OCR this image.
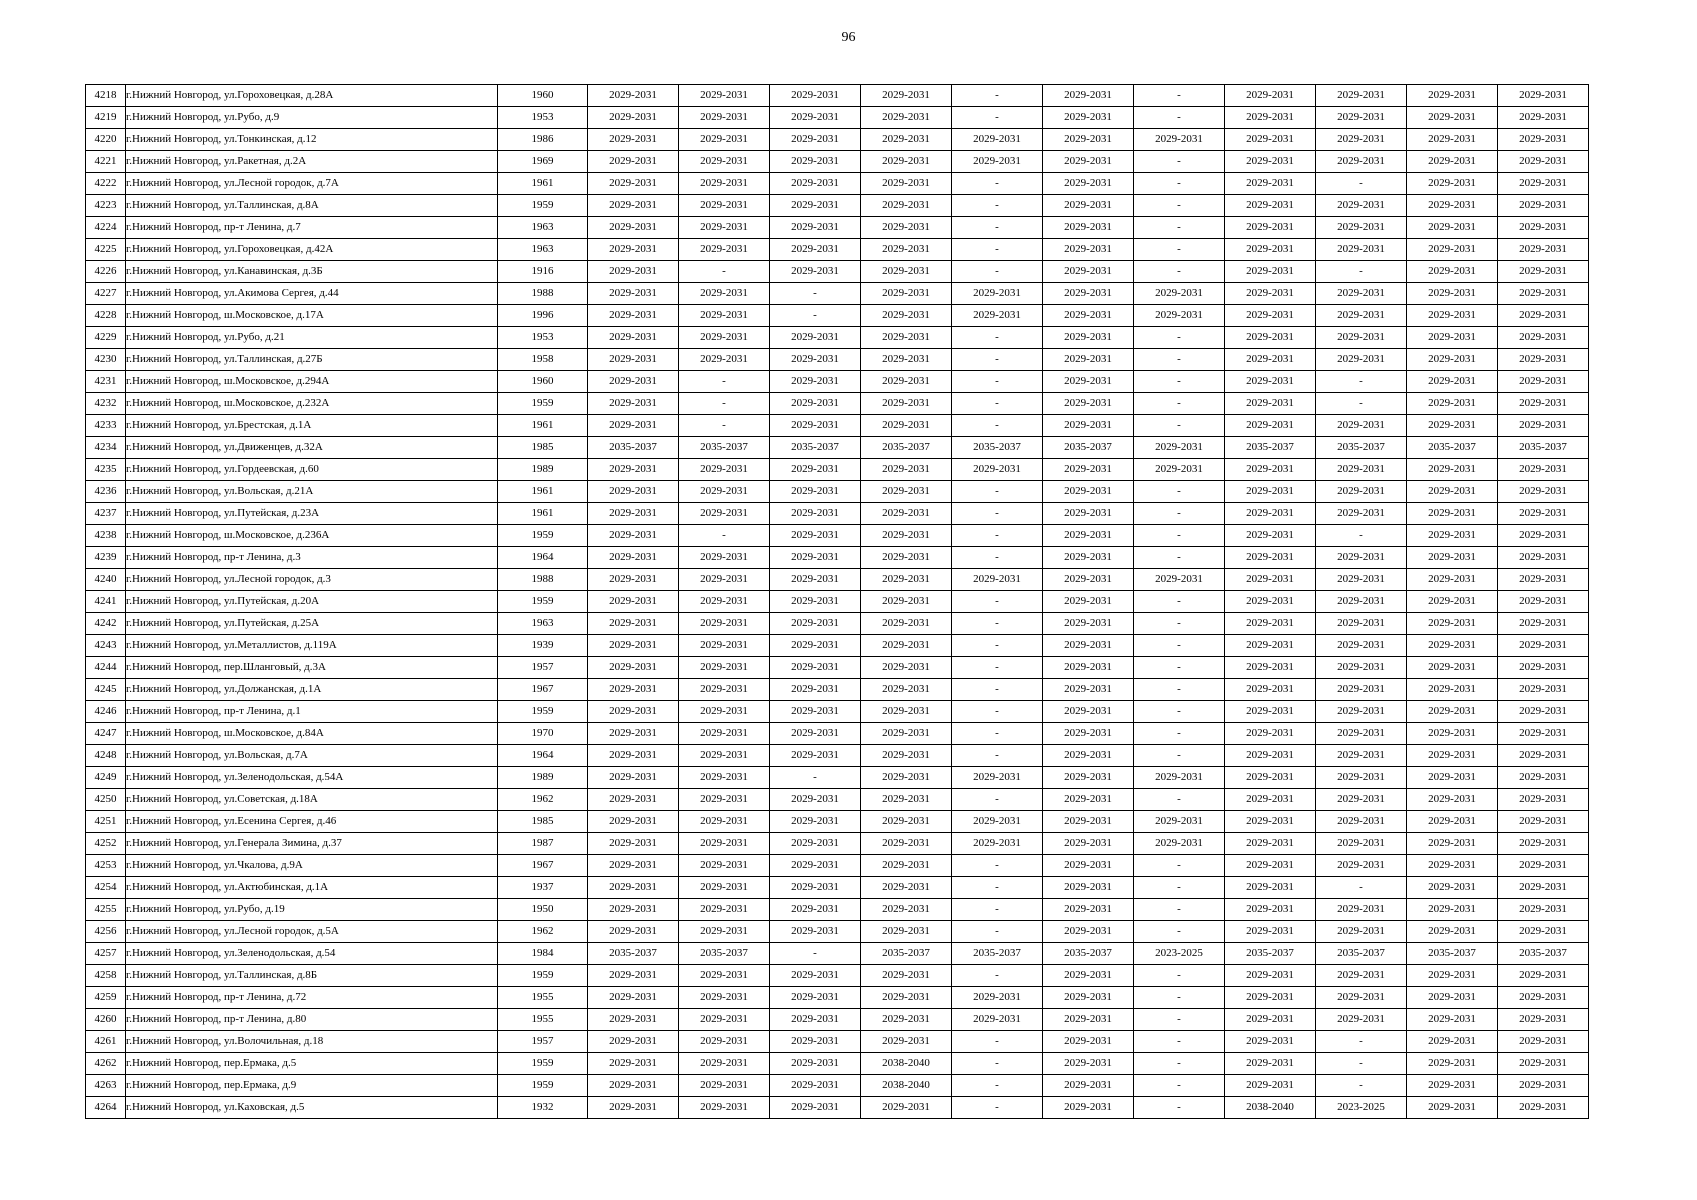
96
4218	г.Нижний Новгород, ул.Гороховецкая, д.28А	1960	2029-2031	2029-2031	2029-2031	2029-2031	-	2029-2031	-	2029-2031	2029-2031	2029-2031	2029-2031
4219	г.Нижний Новгород, ул.Рубо, д.9	1953	2029-2031	2029-2031	2029-2031	2029-2031	-	2029-2031	-	2029-2031	2029-2031	2029-2031	2029-2031
4220	г.Нижний Новгород, ул.Тонкинская, д.12	1986	2029-2031	2029-2031	2029-2031	2029-2031	2029-2031	2029-2031	2029-2031	2029-2031	2029-2031	2029-2031	2029-2031
4221	г.Нижний Новгород, ул.Ракетная, д.2А	1969	2029-2031	2029-2031	2029-2031	2029-2031	2029-2031	2029-2031	-	2029-2031	2029-2031	2029-2031	2029-2031
4222	г.Нижний Новгород, ул.Лесной городок, д.7А	1961	2029-2031	2029-2031	2029-2031	2029-2031	-	2029-2031	-	2029-2031	-	2029-2031	2029-2031
4223	г.Нижний Новгород, ул.Таллинская, д.8А	1959	2029-2031	2029-2031	2029-2031	2029-2031	-	2029-2031	-	2029-2031	2029-2031	2029-2031	2029-2031
4224	г.Нижний Новгород, пр-т Ленина, д.7	1963	2029-2031	2029-2031	2029-2031	2029-2031	-	2029-2031	-	2029-2031	2029-2031	2029-2031	2029-2031
4225	г.Нижний Новгород, ул.Гороховецкая, д.42А	1963	2029-2031	2029-2031	2029-2031	2029-2031	-	2029-2031	-	2029-2031	2029-2031	2029-2031	2029-2031
4226	г.Нижний Новгород, ул.Канавинская, д.3Б	1916	2029-2031	-	2029-2031	2029-2031	-	2029-2031	-	2029-2031	-	2029-2031	2029-2031
4227	г.Нижний Новгород, ул.Акимова Сергея, д.44	1988	2029-2031	2029-2031	-	2029-2031	2029-2031	2029-2031	2029-2031	2029-2031	2029-2031	2029-2031	2029-2031
4228	г.Нижний Новгород, ш.Московское, д.17А	1996	2029-2031	2029-2031	-	2029-2031	2029-2031	2029-2031	2029-2031	2029-2031	2029-2031	2029-2031	2029-2031
4229	г.Нижний Новгород, ул.Рубо, д.21	1953	2029-2031	2029-2031	2029-2031	2029-2031	-	2029-2031	-	2029-2031	2029-2031	2029-2031	2029-2031
4230	г.Нижний Новгород, ул.Таллинская, д.27Б	1958	2029-2031	2029-2031	2029-2031	2029-2031	-	2029-2031	-	2029-2031	2029-2031	2029-2031	2029-2031
4231	г.Нижний Новгород, ш.Московское, д.294А	1960	2029-2031	-	2029-2031	2029-2031	-	2029-2031	-	2029-2031	-	2029-2031	2029-2031
4232	г.Нижний Новгород, ш.Московское, д.232А	1959	2029-2031	-	2029-2031	2029-2031	-	2029-2031	-	2029-2031	-	2029-2031	2029-2031
4233	г.Нижний Новгород, ул.Брестская, д.1А	1961	2029-2031	-	2029-2031	2029-2031	-	2029-2031	-	2029-2031	2029-2031	2029-2031	2029-2031
4234	г.Нижний Новгород, ул.Движенцев, д.32А	1985	2035-2037	2035-2037	2035-2037	2035-2037	2035-2037	2035-2037	2029-2031	2035-2037	2035-2037	2035-2037	2035-2037
4235	г.Нижний Новгород, ул.Гордеевская, д.60	1989	2029-2031	2029-2031	2029-2031	2029-2031	2029-2031	2029-2031	2029-2031	2029-2031	2029-2031	2029-2031	2029-2031
4236	г.Нижний Новгород, ул.Вольская, д.21А	1961	2029-2031	2029-2031	2029-2031	2029-2031	-	2029-2031	-	2029-2031	2029-2031	2029-2031	2029-2031
4237	г.Нижний Новгород, ул.Путейская, д.23А	1961	2029-2031	2029-2031	2029-2031	2029-2031	-	2029-2031	-	2029-2031	2029-2031	2029-2031	2029-2031
4238	г.Нижний Новгород, ш.Московское, д.236А	1959	2029-2031	-	2029-2031	2029-2031	-	2029-2031	-	2029-2031	-	2029-2031	2029-2031
4239	г.Нижний Новгород, пр-т Ленина, д.3	1964	2029-2031	2029-2031	2029-2031	2029-2031	-	2029-2031	-	2029-2031	2029-2031	2029-2031	2029-2031
4240	г.Нижний Новгород, ул.Лесной городок, д.3	1988	2029-2031	2029-2031	2029-2031	2029-2031	2029-2031	2029-2031	2029-2031	2029-2031	2029-2031	2029-2031	2029-2031
4241	г.Нижний Новгород, ул.Путейская, д.20А	1959	2029-2031	2029-2031	2029-2031	2029-2031	-	2029-2031	-	2029-2031	2029-2031	2029-2031	2029-2031
4242	г.Нижний Новгород, ул.Путейская, д.25А	1963	2029-2031	2029-2031	2029-2031	2029-2031	-	2029-2031	-	2029-2031	2029-2031	2029-2031	2029-2031
4243	г.Нижний Новгород, ул.Металлистов, д.119А	1939	2029-2031	2029-2031	2029-2031	2029-2031	-	2029-2031	-	2029-2031	2029-2031	2029-2031	2029-2031
4244	г.Нижний Новгород, пер.Шланговый, д.3А	1957	2029-2031	2029-2031	2029-2031	2029-2031	-	2029-2031	-	2029-2031	2029-2031	2029-2031	2029-2031
4245	г.Нижний Новгород, ул.Должанская, д.1А	1967	2029-2031	2029-2031	2029-2031	2029-2031	-	2029-2031	-	2029-2031	2029-2031	2029-2031	2029-2031
4246	г.Нижний Новгород, пр-т Ленина, д.1	1959	2029-2031	2029-2031	2029-2031	2029-2031	-	2029-2031	-	2029-2031	2029-2031	2029-2031	2029-2031
4247	г.Нижний Новгород, ш.Московское, д.84А	1970	2029-2031	2029-2031	2029-2031	2029-2031	-	2029-2031	-	2029-2031	2029-2031	2029-2031	2029-2031
4248	г.Нижний Новгород, ул.Вольская, д.7А	1964	2029-2031	2029-2031	2029-2031	2029-2031	-	2029-2031	-	2029-2031	2029-2031	2029-2031	2029-2031
4249	г.Нижний Новгород, ул.Зеленодольская, д.54А	1989	2029-2031	2029-2031	-	2029-2031	2029-2031	2029-2031	2029-2031	2029-2031	2029-2031	2029-2031	2029-2031
4250	г.Нижний Новгород, ул.Советская, д.18А	1962	2029-2031	2029-2031	2029-2031	2029-2031	-	2029-2031	-	2029-2031	2029-2031	2029-2031	2029-2031
4251	г.Нижний Новгород, ул.Есенина Сергея, д.46	1985	2029-2031	2029-2031	2029-2031	2029-2031	2029-2031	2029-2031	2029-2031	2029-2031	2029-2031	2029-2031	2029-2031
4252	г.Нижний Новгород, ул.Генерала Зимина, д.37	1987	2029-2031	2029-2031	2029-2031	2029-2031	2029-2031	2029-2031	2029-2031	2029-2031	2029-2031	2029-2031	2029-2031
4253	г.Нижний Новгород, ул.Чкалова, д.9А	1967	2029-2031	2029-2031	2029-2031	2029-2031	-	2029-2031	-	2029-2031	2029-2031	2029-2031	2029-2031
4254	г.Нижний Новгород, ул.Актюбинская, д.1А	1937	2029-2031	2029-2031	2029-2031	2029-2031	-	2029-2031	-	2029-2031	-	2029-2031	2029-2031
4255	г.Нижний Новгород, ул.Рубо, д.19	1950	2029-2031	2029-2031	2029-2031	2029-2031	-	2029-2031	-	2029-2031	2029-2031	2029-2031	2029-2031
4256	г.Нижний Новгород, ул.Лесной городок, д.5А	1962	2029-2031	2029-2031	2029-2031	2029-2031	-	2029-2031	-	2029-2031	2029-2031	2029-2031	2029-2031
4257	г.Нижний Новгород, ул.Зеленодольская, д.54	1984	2035-2037	2035-2037	-	2035-2037	2035-2037	2035-2037	2023-2025	2035-2037	2035-2037	2035-2037	2035-2037
4258	г.Нижний Новгород, ул.Таллинская, д.8Б	1959	2029-2031	2029-2031	2029-2031	2029-2031	-	2029-2031	-	2029-2031	2029-2031	2029-2031	2029-2031
4259	г.Нижний Новгород, пр-т Ленина, д.72	1955	2029-2031	2029-2031	2029-2031	2029-2031	2029-2031	2029-2031	-	2029-2031	2029-2031	2029-2031	2029-2031
4260	г.Нижний Новгород, пр-т Ленина, д.80	1955	2029-2031	2029-2031	2029-2031	2029-2031	2029-2031	2029-2031	-	2029-2031	2029-2031	2029-2031	2029-2031
4261	г.Нижний Новгород, ул.Волочильная, д.18	1957	2029-2031	2029-2031	2029-2031	2029-2031	-	2029-2031	-	2029-2031	-	2029-2031	2029-2031
4262	г.Нижний Новгород, пер.Ермака, д.5	1959	2029-2031	2029-2031	2029-2031	2038-2040	-	2029-2031	-	2029-2031	-	2029-2031	2029-2031
4263	г.Нижний Новгород, пер.Ермака, д.9	1959	2029-2031	2029-2031	2029-2031	2038-2040	-	2029-2031	-	2029-2031	-	2029-2031	2029-2031
4264	г.Нижний Новгород, ул.Каховская, д.5	1932	2029-2031	2029-2031	2029-2031	2029-2031	-	2029-2031	-	2038-2040	2023-2025	2029-2031	2029-2031
